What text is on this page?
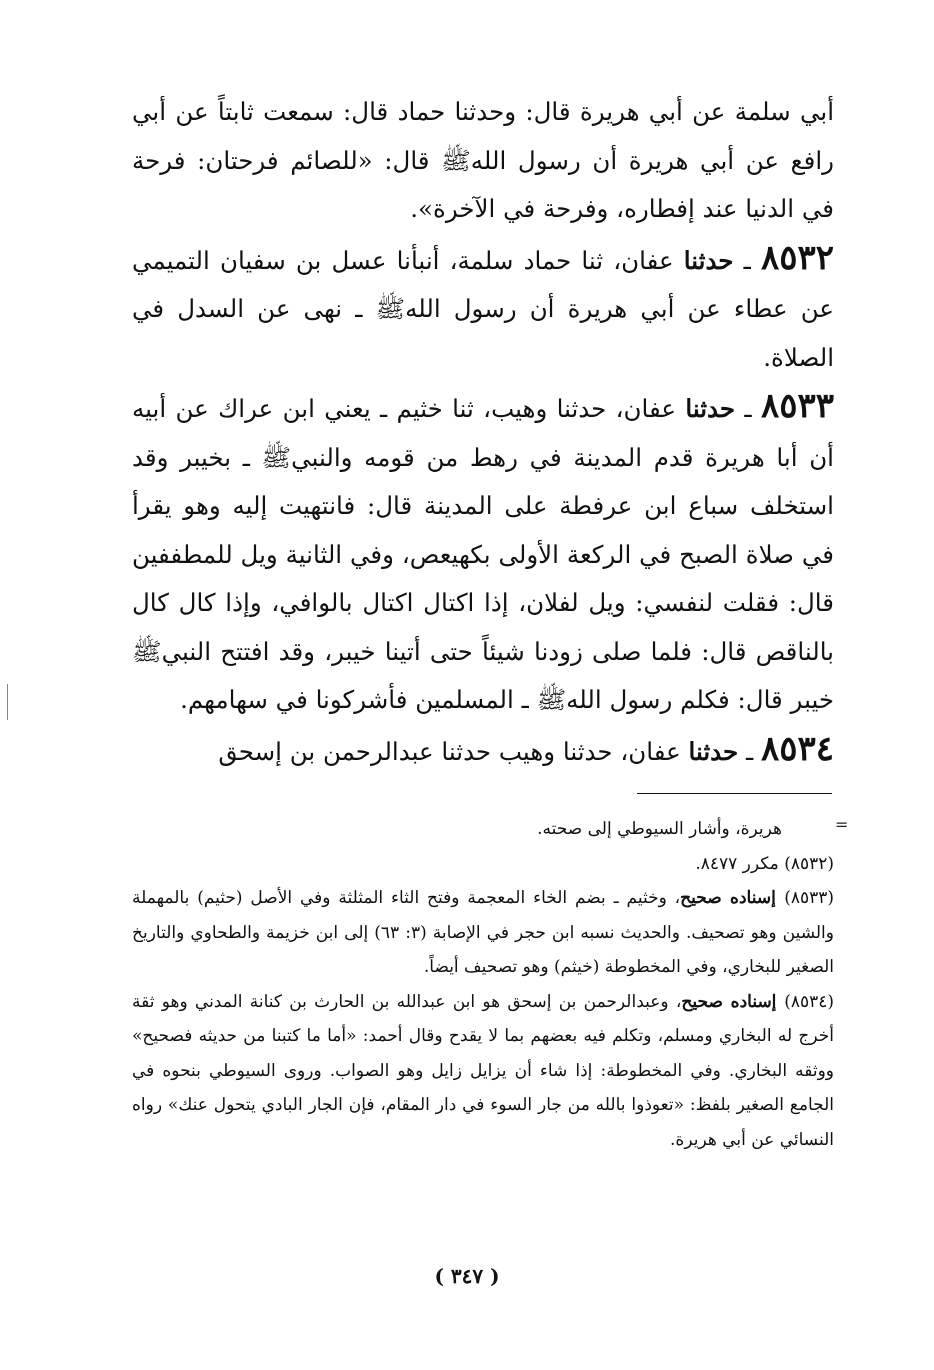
أبي سلمة عن أبي هريرة قال: وحدثنا حماد قال: سمعت ثابتاً عن أبي رافع عن أبي هريرة أن رسول اللهﷺ قال: «للصائم فرحتان: فرحة في الدنيا عند إفطاره، وفرحة في الآخرة».

٨٥٣٢ ـ حدثنا عفان، ثنا حماد سلمة، أنبأنا عسل بن سفيان التميمي عن عطاء عن أبي هريرة أن رسول اللهﷺ ـ نهى عن السدل في الصلاة.

٨٥٣٣ ـ حدثنا عفان، حدثنا وهيب، ثنا خثيم ـ يعني ابن عراك عن أبيه أن أبا هريرة قدم المدينة في رهط من قومه والنبيﷺ ـ بخيبر وقد استخلف سباع ابن عرفطة على المدينة قال: فانتهيت إليه وهو يقرأ في صلاة الصبح في الركعة الأولى بكهيعص، وفي الثانية ويل للمطففين قال: فقلت لنفسي: ويل لفلان، إذا اكتال اكتال بالوافي، وإذا كال كال بالناقص قال: فلما صلى زودنا شيئاً حتى أتينا خيبر، وقد افتتح النبيﷺ خيبر قال: فكلم رسول اللهﷺ ـ المسلمين فأشركونا في سهامهم.

٨٥٣٤ ـ حدثنا عفان، حدثنا وهيب حدثنا عبدالرحمن بن إسحق

=

هريرة، وأشار السيوطي إلى صحته.

(٨٥٣٢) مكرر ٨٤٧٧.

(٨٥٣٣) إسناده صحيح، وخثيم ـ بضم الخاء المعجمة وفتح الثاء المثلثة وفي الأصل (حثيم) بالمهملة والشين وهو تصحيف. والحديث نسبه ابن حجر في الإصابة (٣: ٦٣) إلى ابن خزيمة والطحاوي والتاريخ الصغير للبخاري، وفي المخطوطة (خيثم) وهو تصحيف أيضاً.

(٨٥٣٤) إسناده صحيح، وعبدالرحمن بن إسحق هو ابن عبدالله بن الحارث بن كنانة المدني وهو ثقة أخرج له البخاري ومسلم، وتكلم فيه بعضهم بما لا يقدح وقال أحمد: «أما ما كتبنا من حديثه فصحيح» ووثقه البخاري. وفي المخطوطة: إذا شاء أن يزايل زايل وهو الصواب. وروى السيوطي بنحوه في الجامع الصغير بلفظ: «تعوذوا بالله من جار السوء في دار المقام، فإن الجار البادي يتحول عنك» رواه النسائي عن أبي هريرة.

( ٣٤٧ )
